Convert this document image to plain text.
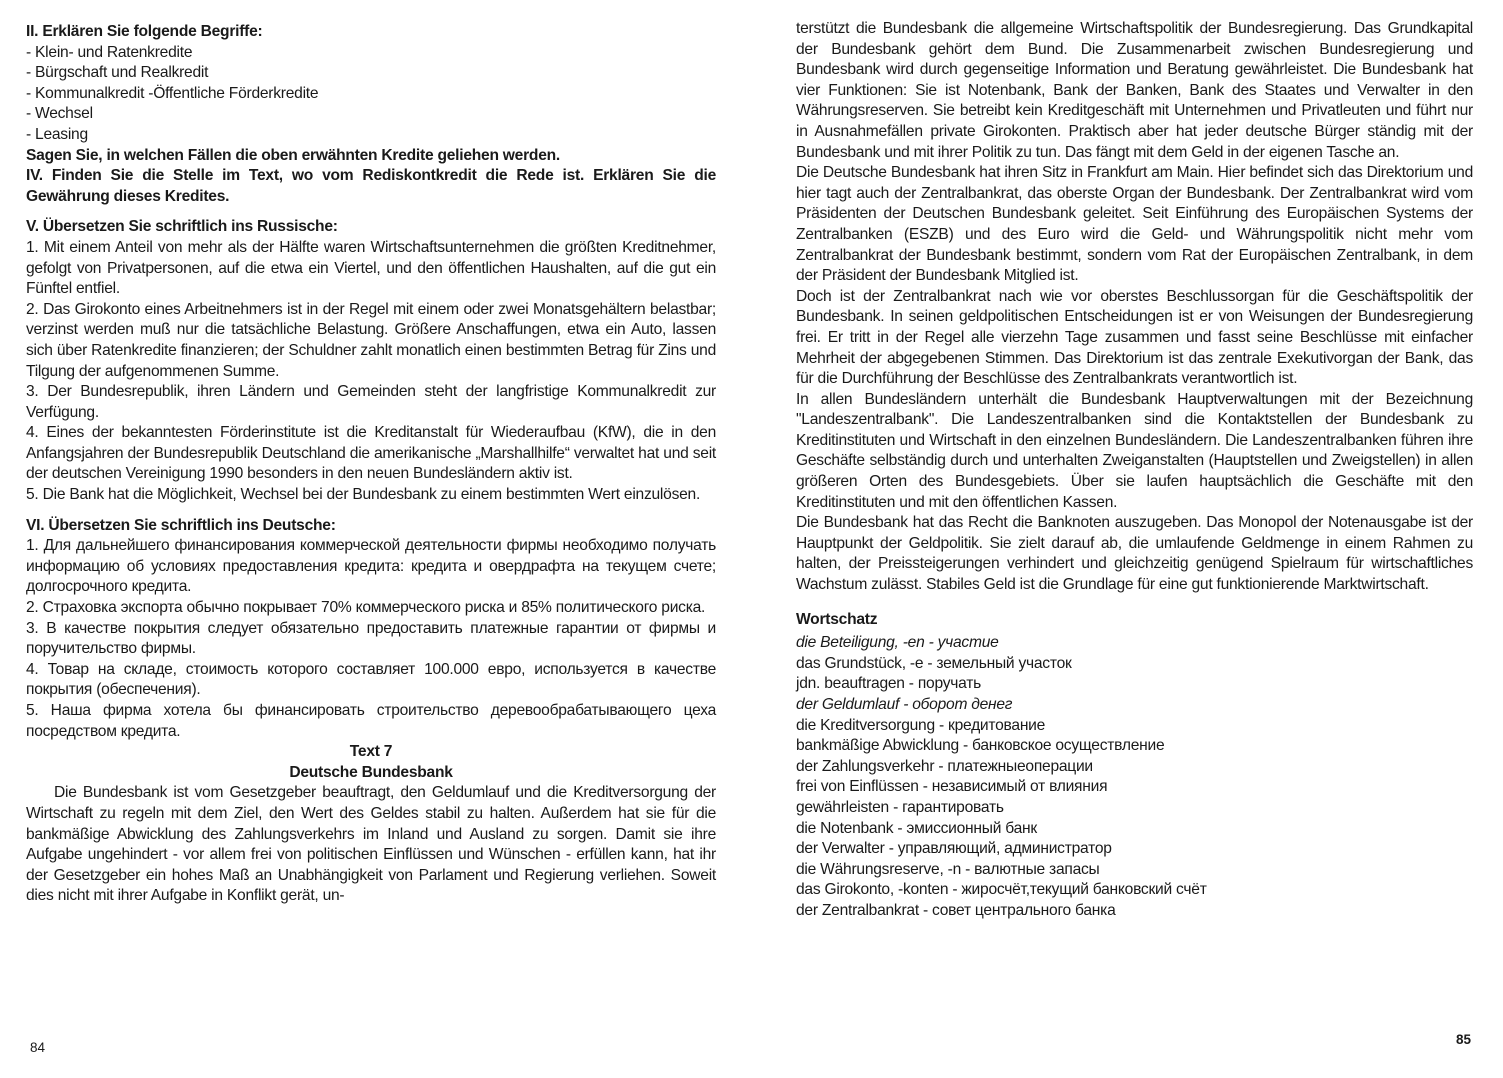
II. Erklären Sie folgende Begriffe:

- Klein- und Ratenkredite

- Bürgschaft und Realkredit

- Kommunalkredit -Öffentliche Förderkredite

- Wechsel

- Leasing

Sagen Sie, in welchen Fällen die oben erwähnten Kredite geliehen werden.

IV. Finden Sie die Stelle im Text, wo vom Rediskontkredit die Rede ist. Erklären Sie die Gewährung dieses Kredites.

V. Übersetzen Sie schriftlich ins Russische:

1. Mit einem Anteil von mehr als der Hälfte waren Wirtschaftsunternehmen die größten Kreditnehmer, gefolgt von Privatpersonen, auf die etwa ein Viertel, und den öffentlichen Haushalten, auf die gut ein Fünftel entfiel.

2. Das Girokonto eines Arbeitnehmers ist in der Regel mit einem oder zwei Monatsgehältern belastbar; verzinst werden muß nur die tatsächliche Belastung. Größere Anschaffungen, etwa ein Auto, lassen sich über Ratenkredite finanzieren; der Schuldner zahlt monatlich einen bestimmten Betrag für Zins und Tilgung der aufgenommenen Summe.

3. Der Bundesrepublik, ihren Ländern und Gemeinden steht der langfristige Kommunalkredit zur Verfügung.

4. Eines der bekanntesten Förderinstitute ist die Kreditanstalt für Wiederaufbau (KfW), die in den Anfangsjahren der Bundesrepublik Deutschland die amerikanische „Marshallhilfe“ verwaltet hat und seit der deutschen Vereinigung 1990 besonders in den neuen Bundesländern aktiv ist.

5. Die Bank hat die Möglichkeit, Wechsel bei der Bundesbank zu einem bestimmten Wert einzulösen.

VI. Übersetzen Sie schriftlich ins Deutsche:

1. Для дальнейшего финансирования коммерческой деятельности фирмы необходимо получать информацию об условиях предоставления кредита: кредита и овердрафта на текущем счете; долгосрочного кредита.

2. Страховка экспорта обычно покрывает 70% коммерческого риска и 85% политического риска.

3. В качестве покрытия следует обязательно предоставить платежные гарантии от фирмы и поручительство фирмы.

4. Товар на складе, стоимость которого составляет 100.000 евро, используется в качестве покрытия (обеспечения).

5. Наша фирма хотела бы финансировать строительство деревообрабатывающего цеха посредством кредита.

Text 7

Deutsche Bundesbank

Die Bundesbank ist vom Gesetzgeber beauftragt, den Geldumlauf und die Kreditversorgung der Wirtschaft zu regeln mit dem Ziel, den Wert des Geldes stabil zu halten. Außerdem hat sie für die bankmäßige Abwicklung des Zahlungsverkehrs im Inland und Ausland zu sorgen. Damit sie ihre Aufgabe ungehindert - vor allem frei von politischen Einflüssen und Wünschen - erfüllen kann, hat ihr der Gesetzgeber ein hohes Maß an Unabhängigkeit von Parlament und Regierung verliehen. Soweit dies nicht mit ihrer Aufgabe in Konflikt gerät, un-

84

terstützt die Bundesbank die allgemeine Wirtschaftspolitik der Bundesregierung. Das Grundkapital der Bundesbank gehört dem Bund. Die Zusammenarbeit zwischen Bundesregierung und Bundesbank wird durch gegenseitige Information und Beratung gewährleistet. Die Bundesbank hat vier Funktionen: Sie ist Notenbank, Bank der Banken, Bank des Staates und Verwalter in den Währungsreserven. Sie betreibt kein Kreditgeschäft mit Unternehmen und Privatleuten und führt nur in Ausnahmefällen private Girokonten. Praktisch aber hat jeder deutsche Bürger ständig mit der Bundesbank und mit ihrer Politik zu tun. Das fängt mit dem Geld in der eigenen Tasche an.

Die Deutsche Bundesbank hat ihren Sitz in Frankfurt am Main. Hier befindet sich das Direktorium und hier tagt auch der Zentralbankrat, das oberste Organ der Bundesbank. Der Zentralbankrat wird vom Präsidenten der Deutschen Bundesbank geleitet. Seit Einführung des Europäischen Systems der Zentralbanken (ESZB) und des Euro wird die Geld- und Währungspolitik nicht mehr vom Zentralbankrat der Bundesbank bestimmt, sondern vom Rat der Europäischen Zentralbank, in dem der Präsident der Bundesbank Mitglied ist.

Doch ist der Zentralbankrat nach wie vor oberstes Beschlussorgan für die Geschäftspolitik der Bundesbank. In seinen geldpolitischen Entscheidungen ist er von Weisungen der Bundesregierung frei. Er tritt in der Regel alle vierzehn Tage zusammen und fasst seine Beschlüsse mit einfacher Mehrheit der abgegebenen Stimmen. Das Direktorium ist das zentrale Exekutivorgan der Bank, das für die Durchführung der Beschlüsse des Zentralbankrats verantwortlich ist.

In allen Bundesländern unterhält die Bundesbank Hauptverwaltungen mit der Bezeichnung "Landeszentralbank". Die Landeszentralbanken sind die Kontaktstellen der Bundesbank zu Kreditinstituten und Wirtschaft in den einzelnen Bundesländern. Die Landeszentralbanken führen ihre Geschäfte selbständig durch und unterhalten Zweiganstalten (Hauptstellen und Zweigstellen) in allen größeren Orten des Bundesgebiets. Über sie laufen hauptsächlich die Geschäfte mit den Kreditinstituten und mit den öffentlichen Kassen.

Die Bundesbank hat das Recht die Banknoten auszugeben. Das Monopol der Notenausgabe ist der Hauptpunkt der Geldpolitik. Sie zielt darauf ab, die umlaufende Geldmenge in einem Rahmen zu halten, der Preissteigerungen verhindert und gleichzeitig genügend Spielraum für wirtschaftliches Wachstum zulässt. Stabiles Geld ist die Grundlage für eine gut funktionierende Marktwirtschaft.

Wortschatz

die Beteiligung, -en - участие

das Grundstück, -e - земельный участок

jdn. beauftragen - поручать

der Geldumlauf - оборот денег

die Kreditversorgung - кредитование

bankmäßige Abwicklung - банковское осуществление

der Zahlungsverkehr - платежныеоперации

frei von Einflüssen - независимый от влияния

gewährleisten - гарантировать

die Notenbank - эмиссионный банк

der Verwalter - управляющий, администратор

die Währungsreserve, -n - валютные запасы

das Girokonto, -konten - жиросчёт,текущий банковский счёт

der Zentralbankrat - совет центрального банка

85
